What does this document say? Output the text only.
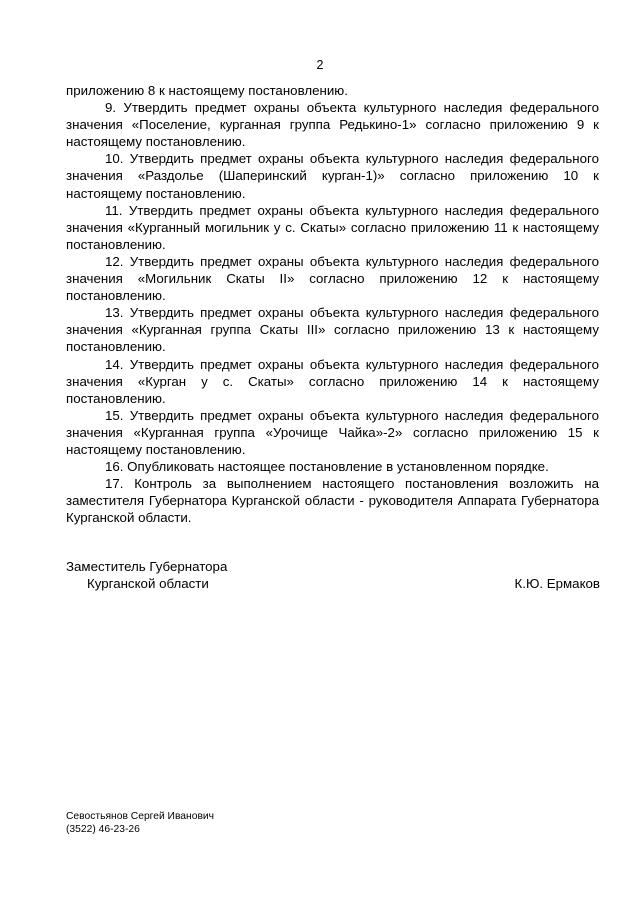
2

приложению 8 к настоящему постановлению.

9. Утвердить предмет охраны объекта культурного наследия федерального значения «Поселение, курганная группа Редькино-1» согласно приложению 9 к настоящему постановлению.

10. Утвердить предмет охраны объекта культурного наследия федерального значения «Раздолье (Шаперинский курган-1)» согласно приложению 10 к настоящему постановлению.

11. Утвердить предмет охраны объекта культурного наследия федерального значения «Курганный могильник у с. Скаты» согласно приложению 11 к настоящему постановлению.

12. Утвердить предмет охраны объекта культурного наследия федерального значения «Могильник Скаты II» согласно приложению 12 к настоящему постановлению.

13. Утвердить предмет охраны объекта культурного наследия федерального значения «Курганная группа Скаты III» согласно приложению 13 к настоящему постановлению.

14. Утвердить предмет охраны объекта культурного наследия федерального значения «Курган у с. Скаты» согласно приложению 14 к настоящему постановлению.

15. Утвердить предмет охраны объекта культурного наследия федерального значения «Курганная группа «Урочище Чайка»-2» согласно приложению 15 к настоящему постановлению.

16. Опубликовать настоящее постановление в установленном порядке.

17. Контроль за выполнением настоящего постановления возложить на заместителя Губернатора Курганской области - руководителя Аппарата Губернатора Курганской области.

Заместитель Губернатора
Курганской области	К.Ю. Ермаков
Севостьянов Сергей Иванович
(3522) 46-23-26
